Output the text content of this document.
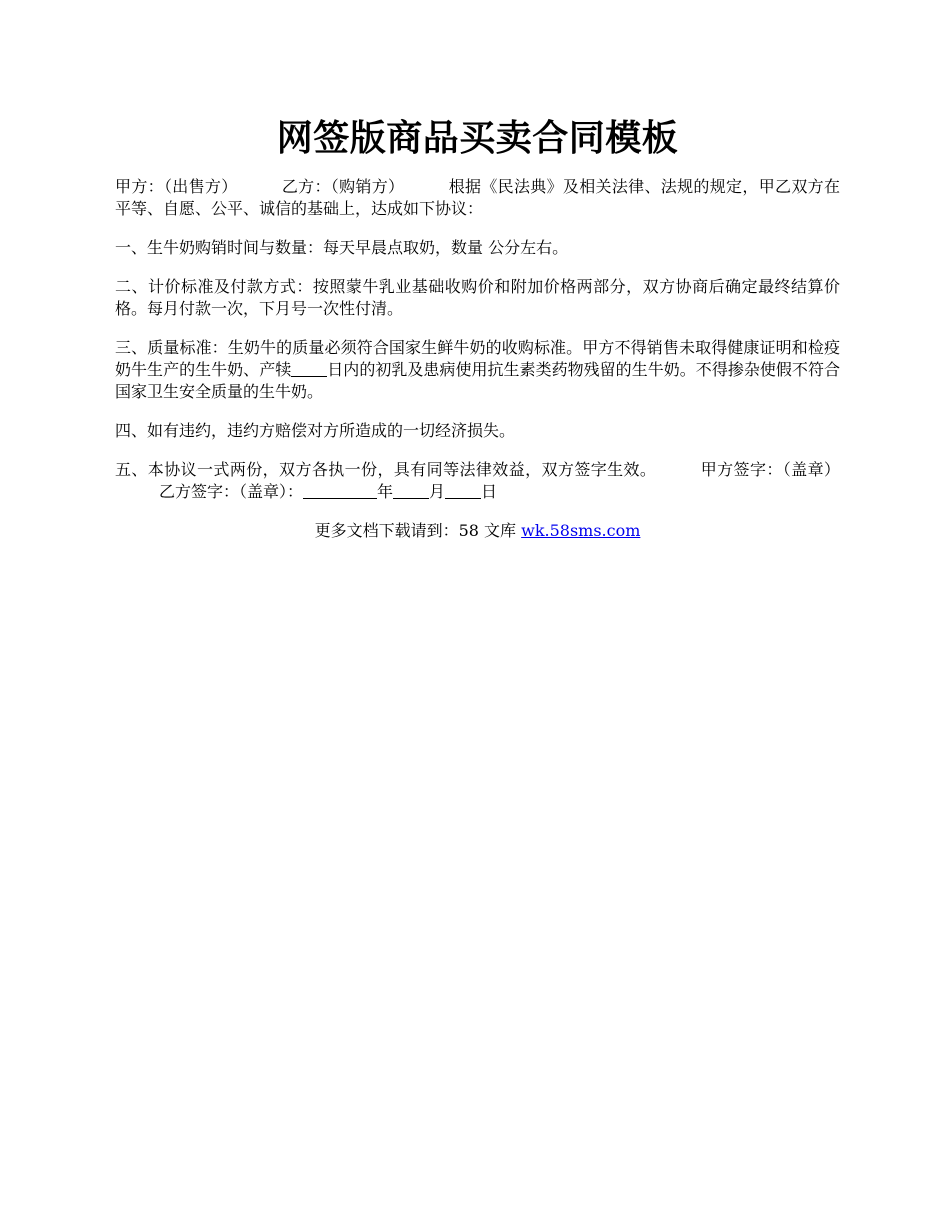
网签版商品买卖合同模板

甲方：（出售方）	乙方：（购销方）	根据《民法典》及相关法律、法规的规定，甲乙双方在平等、自愿、公平、诚信的基础上，达成如下协议：

一、生牛奶购销时间与数量：每天早晨点取奶，数量 公分左右。

二、计价标准及付款方式：按照蒙牛乳业基础收购价和附加价格两部分，双方协商后确定最终结算价格。每月付款一次，下月号一次性付清。

三、质量标准：生奶牛的质量必须符合国家生鲜牛奶的收购标准。甲方不得销售未取得健康证明和检疫奶牛生产的生牛奶、产犊 日内的初乳及患病使用抗生素类药物残留的生牛奶。不得掺杂使假不符合国家卫生安全质量的生牛奶。

四、如有违约，违约方赔偿对方所造成的一切经济损失。

五、本协议一式两份，双方各执一份，具有同等法律效益，双方签字生效。	甲方签字：（盖章）乙方签字：（盖章）：	年 月 日

更多文档下载请到：58 文库 wk.58sms.com
